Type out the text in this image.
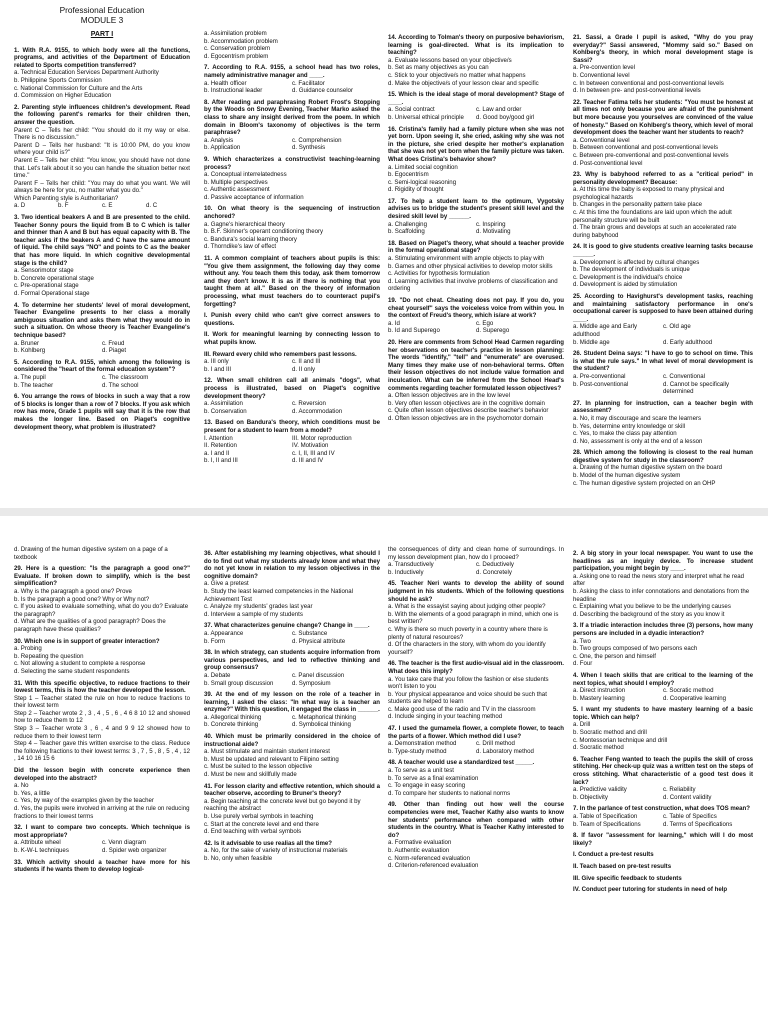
Professional Education
MODULE 3
PART I
1. With R.A. 9155, to which body were all the functions, programs, and activities of the Department of Education related to Sports competition transferred?
a. Technical Education Services Department Authority
b. Philippine Sports Commission
c. National Commission for Culture and the Arts
d. Commission on Higher Education
2. Parenting style influences children's development. Read the following parent's remarks for their children then, answer the question.
Parent C – Tells her child: "You should do it my way or else. There is no discussion."
Parent D – Tells her husband: "It is 10:00 PM, do you know where your child is?"
Parent E – Tells her child: "You know, you should have not done that. Let's talk about it so you can handle the situation better next time."
Parent F – Tells her child: "You may do what you want. We will always be here for you, no matter what you do."
Which Parenting style is Authoritarian?
a. D	b. F	c. E	d. C
3. Two identical beakers A and B are presented to the child. Teacher Sonny pours the liquid from B to C which is taller and thinner than A and B but has equal capacity with B. The teacher asks if the beakers A and C have the same amount of liquid. The child says "NO" and points to C as the beaker that has more liquid. In which cognitive developmental stage is the child?
a. Sensorimotor stage
b. Concrete operational stage
c. Pre-operational stage
d. Formal Operational stage
4. To determine her students' level of moral development, Teacher Evangeline presents to her class a morally ambiguous situation and asks them what they would do in such a situation. On whose theory is Teacher Evangeline's technique based?
a. Bruner	c. Freud
b. Kohlberg	d. Piaget
5. According to R.A. 9155, which among the following is considered the "heart of the formal education system"?
a. The pupil	c. The classroom
b. The teacher	d. The school
6. You arrange the rows of blocks in such a way that a row of 5 blocks is longer than a row of 7 blocks. If you ask which row has more, Grade 1 pupils will say that it is the row that makes the longer line. Based on Piaget's cognitive development theory, what problem is illustrated?
a. Assimilation problem
b. Accommodation problem
c. Conservation problem
d. Egocentrism problem
7. According to R.A. 9155, a school head has two roles, namely administrative manager and ____.
a. Health officer	c. Facilitator
b. Instructional leader	d. Guidance counselor
8. After reading and paraphrasing Robert Frost's Stopping by the Woods on Snowy Evening, Teacher Marko asked the class to share any insight derived from the poem. In which domain in Bloom's taxonomy of objectives is the term paraphrase?
a. Analysis	c. Comprehension
b. Application	d. Synthesis
9. Which characterizes a constructivist teaching-learning process?
a. Conceptual interrelatedness
b. Multiple perspectives
c. Authentic assessment
d. Passive acceptance of information
10. On what theory is the sequencing of instruction anchored?
a. Gagne's hierarchical theory
b. B.F. Skinner's operant conditioning theory
c. Bandura's social learning theory
d. Thorndike's law of effect
11. A common complaint of teachers about pupils is this: "You give them assignment, the following day they come without any. You teach them this today, ask them tomorrow and they don't know. It is as if there is nothing that you taught them at all." Based on the theory of information processing, what must teachers do to counteract pupil's forgetting?
I. Punish every child who can't give correct answers to questions.
II. Work for meaningful learning by connecting lesson to what pupils know.
III. Reward every child who remembers past lessons.
a. III only	c. II and III
b. I and III	d. II only
12. When small children call all animals "dogs", what process is illustrated, based on Piaget's cognitive development theory?
a. Assimilation	c. Reversion
b. Conservation	d. Accommodation
13. Based on Bandura's theory, which conditions must be present for a student to learn from a model?
I. Attention	III. Motor reproduction
II. Retention	IV. Motivation
a. I and II	c. I, II, III and IV
b. I, II and III	d. III and IV
14. According to Tolman's theory on purposive behaviorism, learning is goal-directed. What is its implication to teaching?
a. Evaluate lessons based on your objective/s
b. Set as many objectives as you can
c. Stick to your objective/s no matter what happens
d. Make the objective/s of your lesson clear and specific
15. Which is the ideal stage of moral development? Stage of ____.
a. Social contract	c. Law and order
b. Universal ethical principle	d. Good boy/good girl
16. Cristina's family had a family picture when she was not yet born. Upon seeing it, she cried, asking why she was not in the picture, she cried despite her mother's explanation that she was not yet born when the family picture was taken. What does Cristina's behavior show?
a. Limited social cognition
b. Egocentrism
c. Semi-logical reasoning
d. Rigidity of thought
17. To help a student learn to the optimum, Vygotsky advises us to bridge the student's present skill level and the desired skill level by ______.
a. Challenging	c. Inspiring
b. Scaffolding	d. Motivating
18. Based on Piaget's theory, what should a teacher provide in the formal operational stage?
a. Stimulating environment with ample objects to play with
b. Games and other physical activities to develop motor skills
c. Activities for hypothesis formulation
d. Learning activities that involve problems of classification and ordering
19. "Do not cheat. Cheating does not pay. If you do, you cheat yourself" says the voiceless voice from within you. In the context of Freud's theory, which is/are at work?
a. Id	c. Ego
b. Id and Superego	d. Superego
20. Here are comments from School Head Carmen regarding her observations on teacher's practice in lesson planning: The words "identify," "tell" and "enumerate" are overused. Many times they make use of non-behavioral terms. Often their lesson objectives do not include value formation and inculcation. What can be inferred from the School Head's comments regarding teacher formulated lesson objectives?
a. Often lesson objectives are in the low level
b. Very often lesson objectives are in the cognitive domain
c. Quite often lesson objectives describe teacher's behavior
d. Often lesson objectives are in the psychomotor domain
21. Sassi, a Grade I pupil is asked, "Why do you pray everyday?" Sassi answered, "Mommy said so." Based on Kohlberg's theory, in which moral development stage is Sassi?
a. Pre-convention level
b. Conventional level
c. In between conventional and post-conventional levels
d. In between pre- and post-conventional levels
22. Teacher Fatima tells her students: "You must be honest at all times not only because you are afraid of the punishment but more because you yourselves are convinced of the value of honesty." Based on Kohlberg's theory, which level of moral development does the teacher want her students to reach?
a. Conventional level
b. Between conventional and post-conventional levels
c. Between pre-conventional and post-conventional levels
d. Post-conventional level
23. Why is babyhood referred to as a "critical period" in personality development? Because:
a. At this time the baby is exposed to many physical and psychological hazards
b. Changes in the personality pattern take place
c. At this time the foundations are laid upon which the adult personality structure will be built
d. The brain grows and develops at such an accelerated rate during babyhood
24. It is good to give students creative learning tasks because ______.
a. Development is affected by cultural changes
b. The development of individuals is unique
c. Development is the individual's choice
d. Development is aided by stimulation
25. According to Havighurst's development tasks, reaching and maintaining satisfactory performance in one's occupational career is supposed to have been attained during ____.
a. Middle age and Early adulthood
c. Old age
b. Middle age	d. Early adulthood
26. Student Deina says: "I have to go to school on time. This is what the rule says." In what level of moral development is the student?
a. Pre-conventional	c. Conventional
b. Post-conventional	d. Cannot be specifically determined
27. In planning for instruction, can a teacher begin with assessment?
a. No, it may discourage and scare the learners
b. Yes, determine entry knowledge or skill
c. Yes, to make the class pay attention
d. No, assessment is only at the end of a lesson
28. Which among the following is closest to the real human digestive system for study in the classroom?
a. Drawing of the human digestive system on the board
b. Model of the human digestive system
c. The human digestive system projected on an OHP
d. Drawing of the human digestive system on a page of a textbook
29. Here is a question: "Is the paragraph a good one?" Evaluate. If broken down to simplify, which is the best simplification?
a. Why is the paragraph a good one? Prove
b. Is the paragraph a good one? Why or Why not?
c. If you asked to evaluate something, what do you do? Evaluate the paragraph?
d. What are the qualities of a good paragraph? Does the paragraph have these qualities?
30. Which one is in support of greater interaction?
a. Probing
b. Repeating the question
c. Not allowing a student to complete a response
d. Selecting the same student respondents
31. With this specific objective, to reduce fractions to their lowest terms, this is how the teacher developed the lesson.
Step 1 – Teacher stated the rule on how to reduce fractions to their lowest term
Step 2 – Teacher wrote 2 , 3 , 4 , 5 , 6 , 4 6 8 10 12 and showed how to reduce them to 12
Step 3 – Teacher wrote 3 , 6 , 4 and 9 9 12 showed how to reduce them to their lowest term
Step 4 – Teacher gave this written exercise to the class. Reduce the following fractions to their lowest terms: 3 , 7 , 5 , 8 , 5 , 4 , 12 , 14 10 16 15 6
Did the lesson begin with concrete experience then developed into the abstract?
a. No
b. Yes, a little
c. Yes, by way of the examples given by the teacher
d. Yes, the pupils were involved in arriving at the rule on reducing fractions to their lowest terms
32. I want to compare two concepts. Which technique is most appropriate?
a. Attribute wheel	c. Venn diagram
b. K-W-L techniques	d. Spider web organizer
33. Which activity should a teacher have more for his students if he wants them to develop logical-
36. After establishing my learning objectives, what should I do to find out what my students already know and what they do not yet know in relation to my lesson objectives in the cognitive domain?
a. Give a pretest
b. Study the least learned competencies in the National Achievement Test
c. Analyze my students' grades last year
d. Interview a sample of my students
37. What characterizes genuine change? Change in ____.
a. Appearance	c. Substance
b. Form	d. Physical attribute
38. In which strategy, can students acquire information from various perspectives, and led to reflective thinking and group consensus?
a. Debate	c. Panel discussion
b. Small group discussion	d. Symposium
39. At the end of my lesson on the role of a teacher in learning, I asked the class: "In what way is a teacher an enzyme?" With this question, it engaged the class in ______.
a. Allegorical thinking	c. Metaphorical thinking
b. Concrete thinking	d. Symbolical thinking
40. Which must be primarily considered in the choice of instructional aide?
a. Must stimulate and maintain student interest
b. Must be updated and relevant to Filipino setting
c. Must be suited to the lesson objective
d. Must be new and skillfully made
41. For lesson clarity and effective retention, which should a teacher observe, according to Bruner's theory?
a. Begin teaching at the concrete level but go beyond it by reaching the abstract
b. Use purely verbal symbols in teaching
c. Start at the concrete level and end there
d. End teaching with verbal symbols
42. Is it advisable to use realias all the time?
a. No, for the sake of variety of instructional materials
b. No, only when feasible
the consequences of dirty and clean home of surroundings. In my lesson development plan, how do I proceed?
a. Transductively	c. Deductively
b. Inductively	d. Concretely
45. Teacher Neri wants to develop the ability of sound judgment in his students. Which of the following questions should he ask?
a. What is the essayist saying about judging other people?
b. With the elements of a good paragraph in mind, which one is best written?
c. Why is there so much poverty in a country where there is plenty of natural resources?
d. Of the characters in the story, with whom do you identify yourself?
46. The teacher is the first audio-visual aid in the classroom. What does this imply?
a. You take care that you follow the fashion or else students won't listen to you
b. Your physical appearance and voice should be such that students are helped to learn
c. Make good use of the radio and TV in the classroom
d. Include singing in your teaching method
47. I used the gumamela flower, a complete flower, to teach the parts of a flower. Which method did I use?
a. Demonstration method	c. Drill method
b. Type-study method	d. Laboratory method
48. A teacher would use a standardized test _____.
a. To serve as a unit test
b. To serve as a final examination
c. To engage in easy scoring
d. To compare her students to national norms
49. Other than finding out how well the course competencies were met, Teacher Kathy also wants to know her students' performance when compared with other students in the country. What is Teacher Kathy interested to do?
a. Formative evaluation
b. Authentic evaluation
c. Norm-referenced evaluation
d. Criterion-referenced evaluation
2. A big story in your local newspaper. You want to use the headlines as an inquiry device. To increase student participation, you might begin by ____.
a. Asking one to read the news story and interpret what he read after
b. Asking the class to infer connotations and denotations from the headline
c. Explaining what you believe to be the underlying causes
d. Describing the background of the story as you know it
3. If a triadic interaction includes three (3) persons, how many persons are included in a dyadic interaction?
a. Two
b. Two groups composed of two persons each
c. One, the person and himself
d. Four
4. When I teach skills that are critical to the learning of the next topics, what should I employ?
a. Direct instruction	c. Socratic method
b. Mastery learning	d. Cooperative learning
5. I want my students to have mastery learning of a basic topic. Which can help?
a. Drill
b. Socratic method and drill
c. Montessorian technique and drill
d. Socratic method
6. Teacher Feng wanted to teach the pupils the skill of cross stitching. Her check-up quiz was a written test on the steps of cross stitching. What characteristic of a good test does it lack?
a. Predictive validity	c. Reliability
b. Objectivity	d. Content validity
7. In the parlance of test construction, what does TOS mean?
a. Table of Specification	c. Table of Specifics
b. Team of Specifications	d. Terms of Specifications
8. If favor "assessment for learning," which will I do most likely?
I. Conduct a pre-test results
II. Teach based on pre-test results
III. Give specific feedback to students
IV. Conduct peer tutoring for students in need of help
